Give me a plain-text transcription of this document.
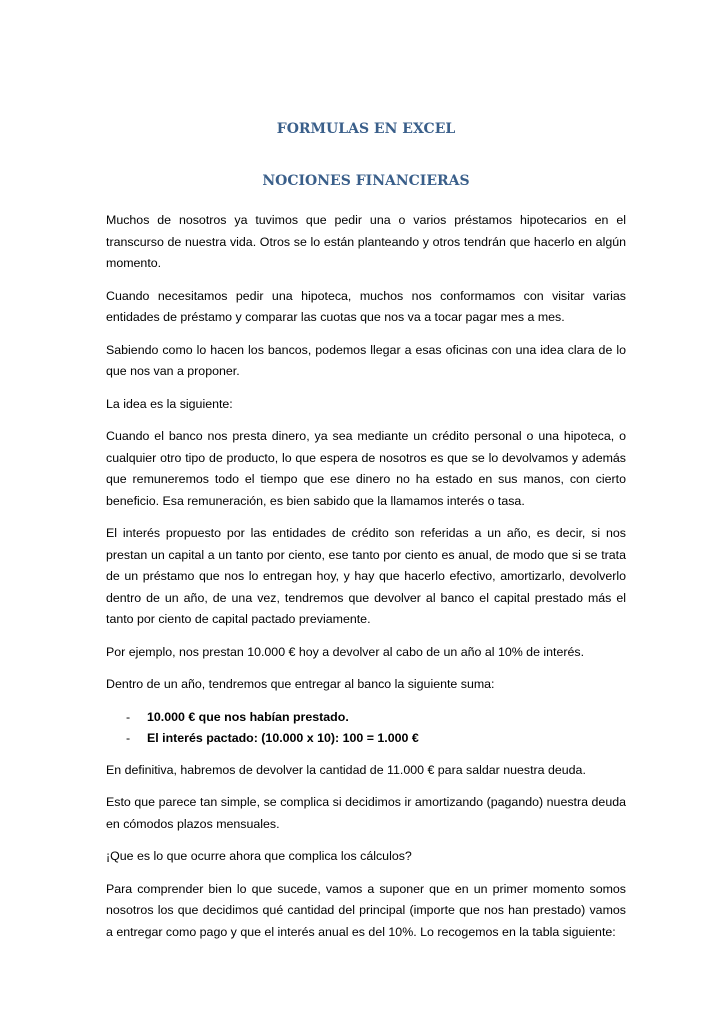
FORMULAS EN EXCEL
NOCIONES FINANCIERAS

Muchos de nosotros ya tuvimos que pedir una o varios préstamos hipotecarios en el transcurso de nuestra vida. Otros se lo están planteando y otros tendrán que hacerlo en algún momento.

Cuando necesitamos pedir una hipoteca, muchos nos conformamos con visitar varias entidades de préstamo y comparar las cuotas que nos va a tocar pagar mes a mes.

Sabiendo como lo hacen los bancos, podemos llegar a esas oficinas con una idea clara de lo que nos van a proponer.

La idea es la siguiente:

Cuando el banco nos presta dinero, ya sea mediante un crédito personal o una hipoteca, o cualquier otro tipo de producto, lo que espera de nosotros es que se lo devolvamos y además que remuneremos todo el tiempo que ese dinero no ha estado en sus manos, con cierto beneficio. Esa remuneración, es bien sabido que la llamamos interés o tasa.

El interés propuesto por las entidades de crédito son referidas a un año, es decir, si nos prestan un capital a un tanto por ciento, ese tanto por ciento es anual, de modo que si se trata de un préstamo que nos lo entregan hoy, y hay que hacerlo efectivo, amortizarlo, devolverlo dentro de un año, de una vez, tendremos que devolver al banco el capital prestado más el tanto por ciento de capital pactado previamente.

Por ejemplo, nos prestan 10.000 € hoy a devolver al cabo de un año al 10% de interés.

Dentro de un año, tendremos que entregar al banco la siguiente suma:

- 10.000 € que nos habían prestado.
- El interés pactado: (10.000 x 10): 100 = 1.000 €

En definitiva, habremos de devolver la cantidad de 11.000 € para saldar nuestra deuda.

Esto que parece tan simple, se complica si decidimos ir amortizando (pagando) nuestra deuda en cómodos plazos mensuales.

¡Que es lo que ocurre ahora que complica los cálculos?

Para comprender bien lo que sucede, vamos a suponer que en un primer momento somos nosotros los que decidimos qué cantidad del principal (importe que nos han prestado) vamos a entregar como pago y que el interés anual es del 10%. Lo recogemos en la tabla siguiente:
